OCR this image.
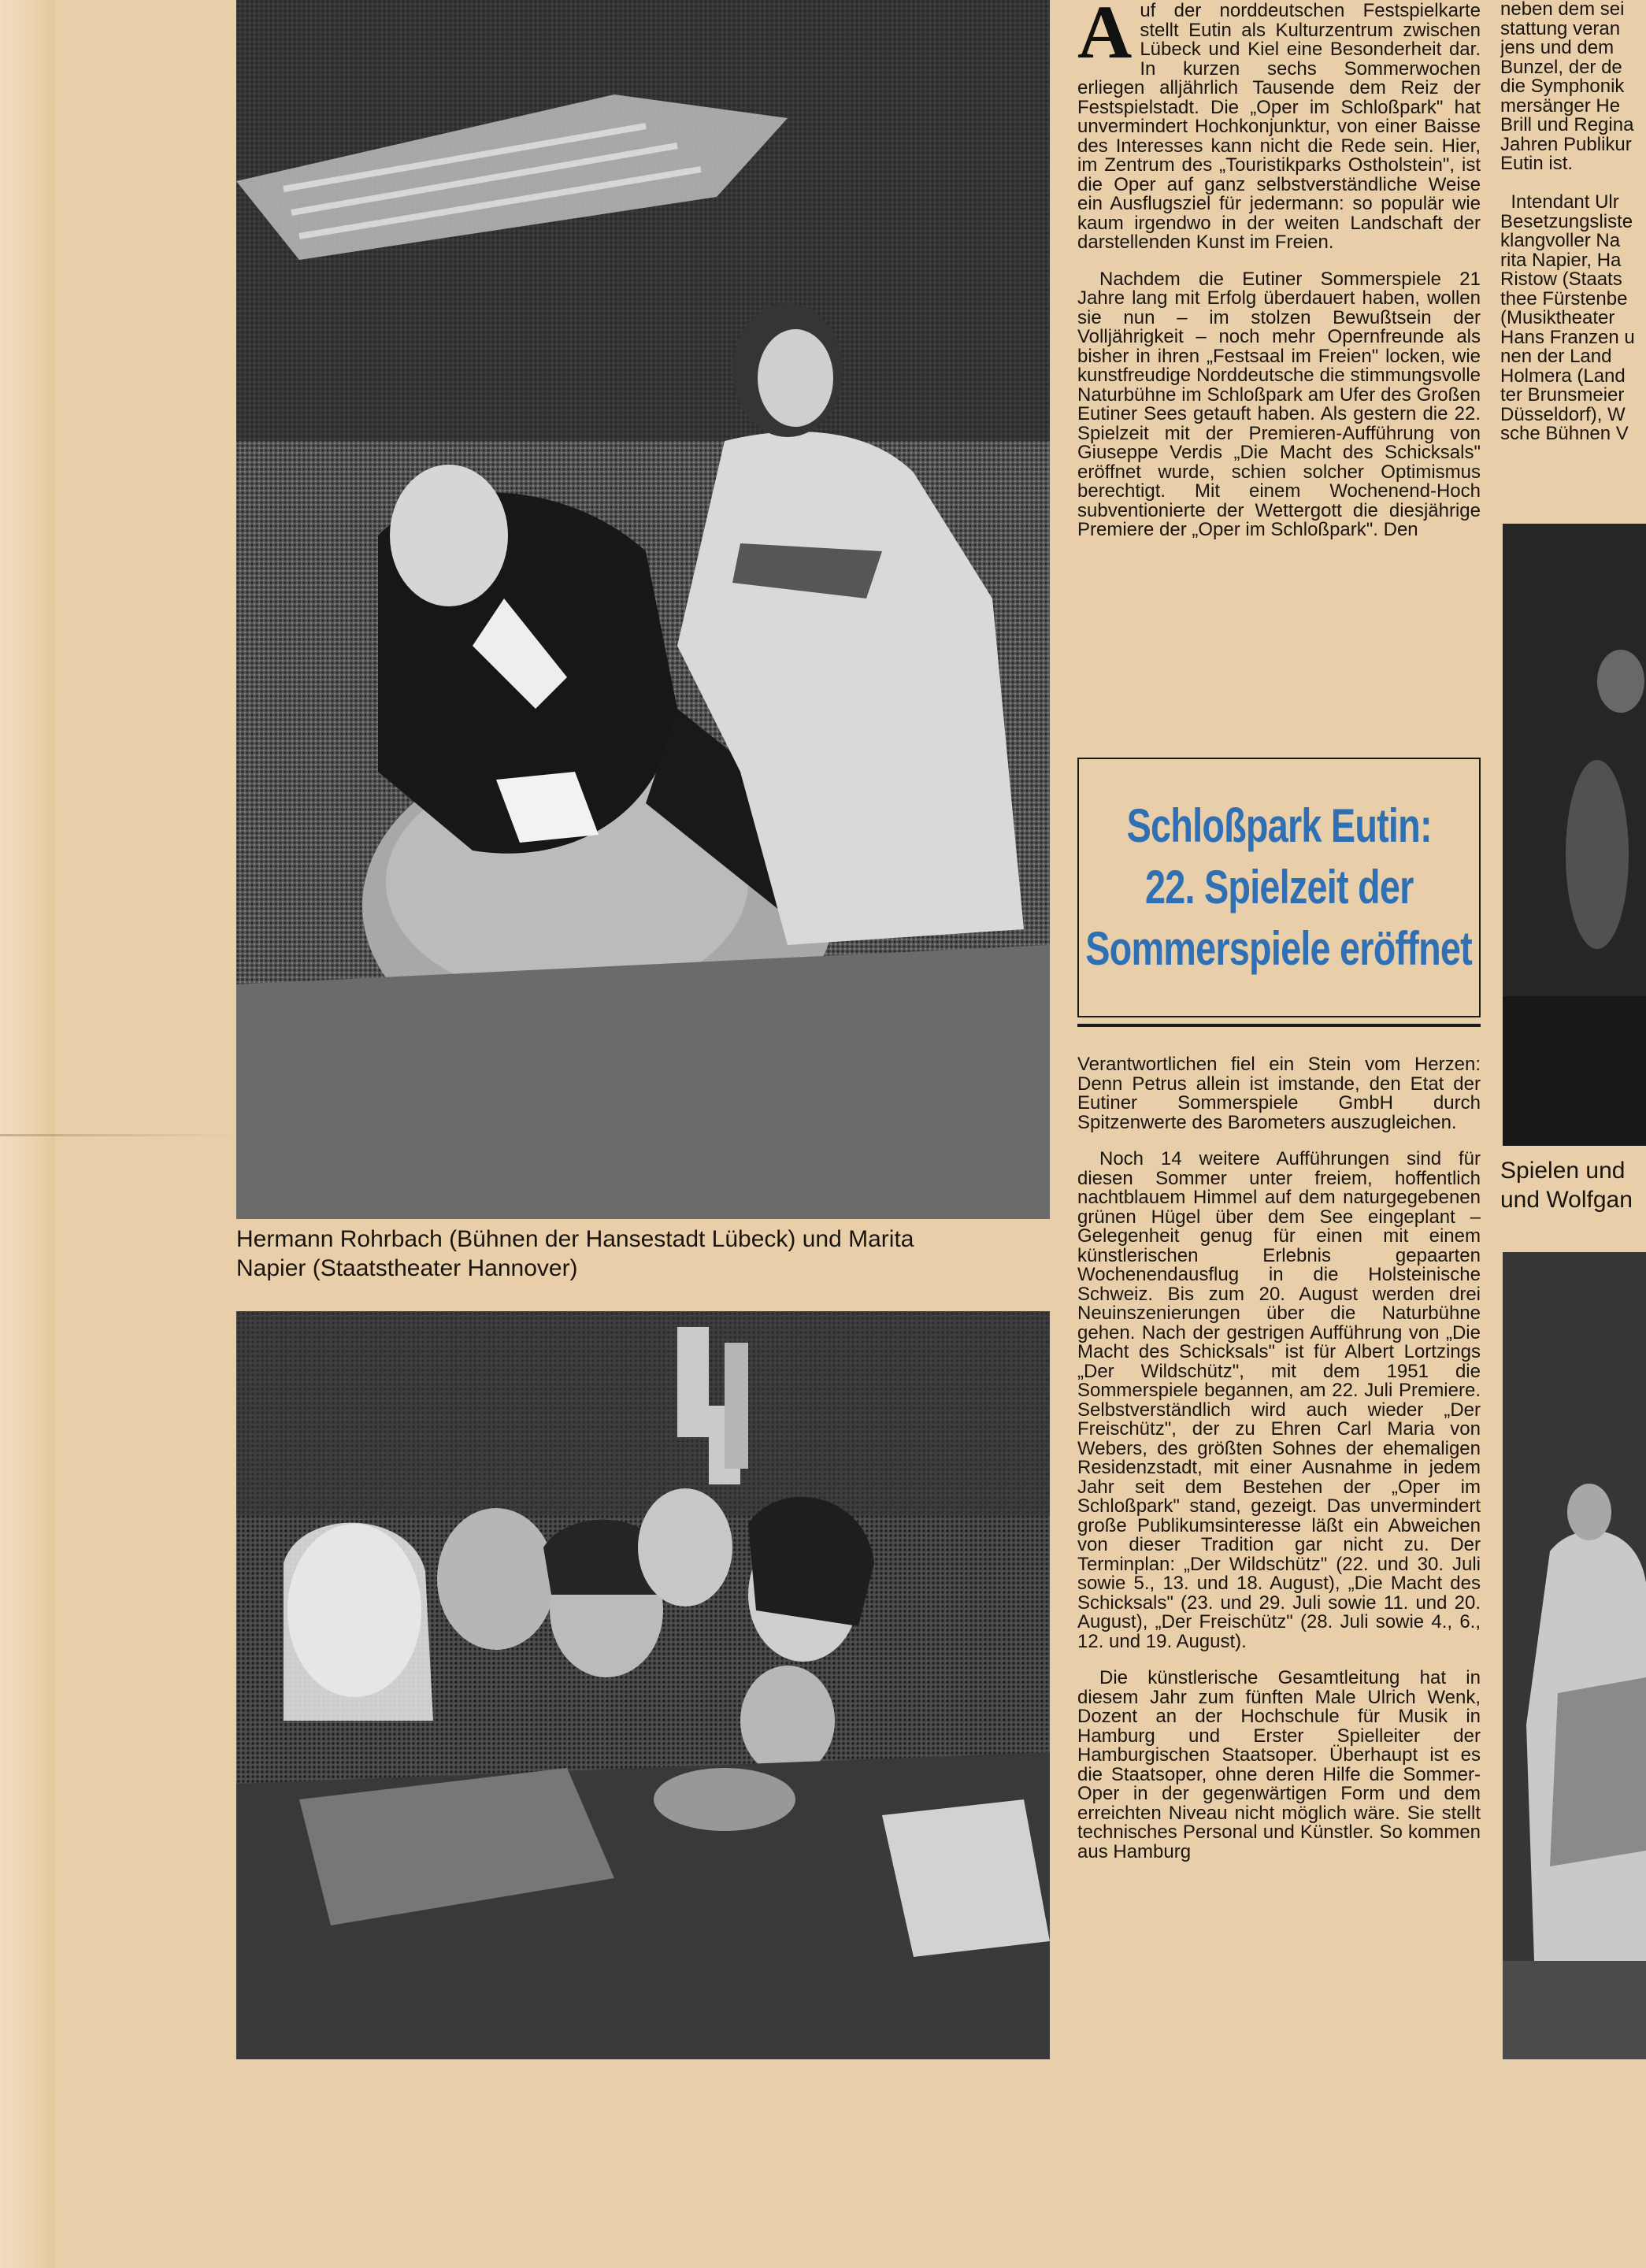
Hermann Rohrbach (Bühnen der Hansestadt Lübeck) und Marita
Napier (Staatstheater Hannover)

Auf der norddeutschen Festspielkarte stellt Eutin als Kulturzentrum zwischen Lübeck und Kiel eine Besonderheit dar. In kurzen sechs Sommerwochen erliegen alljährlich Tausende dem Reiz der Festspielstadt. Die „Oper im Schloßpark" hat unvermindert Hochkonjunktur, von einer Baisse des Interesses kann nicht die Rede sein. Hier, im Zentrum des „Touristikparks Ostholstein", ist die Oper auf ganz selbstverständliche Weise ein Ausflugsziel für jedermann: so populär wie kaum irgendwo in der weiten Landschaft der darstellenden Kunst im Freien.

Nachdem die Eutiner Sommerspiele 21 Jahre lang mit Erfolg überdauert haben, wollen sie nun – im stolzen Bewußtsein der Volljährigkeit – noch mehr Opernfreunde als bisher in ihren „Festsaal im Freien" locken, wie kunstfreudige Norddeutsche die stimmungsvolle Naturbühne im Schloßpark am Ufer des Großen Eutiner Sees getauft haben. Als gestern die 22. Spielzeit mit der Premieren-Aufführung von Giuseppe Verdis „Die Macht des Schicksals" eröffnet wurde, schien solcher Optimismus berechtigt. Mit einem Wochenend-Hoch subventionierte der Wettergott die diesjährige Premiere der „Oper im Schloßpark". Den

Schloßpark Eutin:
22. Spielzeit der
Sommerspiele eröffnet

Verantwortlichen fiel ein Stein vom Herzen: Denn Petrus allein ist imstande, den Etat der Eutiner Sommerspiele GmbH durch Spitzenwerte des Barometers auszugleichen.

Noch 14 weitere Aufführungen sind für diesen Sommer unter freiem, hoffentlich nachtblauem Himmel auf dem naturgegebenen grünen Hügel über dem See eingeplant – Gelegenheit genug für einen mit einem künstlerischen Erlebnis gepaarten Wochenendausflug in die Holsteinische Schweiz. Bis zum 20. August werden drei Neuinszenierungen über die Naturbühne gehen. Nach der gestrigen Aufführung von „Die Macht des Schicksals" ist für Albert Lortzings „Der Wildschütz", mit dem 1951 die Sommerspiele begannen, am 22. Juli Premiere. Selbstverständlich wird auch wieder „Der Freischütz", der zu Ehren Carl Maria von Webers, des größten Sohnes der ehemaligen Residenzstadt, mit einer Ausnahme in jedem Jahr seit dem Bestehen der „Oper im Schloßpark" stand, gezeigt. Das unvermindert große Publikumsinteresse läßt ein Abweichen von dieser Tradition gar nicht zu. Der Terminplan: „Der Wildschütz" (22. und 30. Juli sowie 5., 13. und 18. August), „Die Macht des Schicksals" (23. und 29. Juli sowie 11. und 20. August), „Der Freischütz" (28. Juli sowie 4., 6., 12. und 19. August).

Die künstlerische Gesamtleitung hat in diesem Jahr zum fünften Male Ulrich Wenk, Dozent an der Hochschule für Musik in Hamburg und Erster Spielleiter der Hamburgischen Staatsoper. Überhaupt ist es die Staatsoper, ohne deren Hilfe die Sommer-Oper in der gegenwärtigen Form und dem erreichten Niveau nicht möglich wäre. Sie stellt technisches Personal und Künstler. So kommen aus Hamburg

neben dem sei
stattung veran
jens und dem
Bunzel, der de
die Symphonik
mersänger He
Brill und Regina
Jahren Publikur
Eutin ist.

Intendant Ulr
Besetzungsliste
klangvoller Na
rita Napier, Ha
Ristow (Staats
thee Fürstenbe
(Musiktheater
Hans Franzen u
nen der Land
Holmera (Land
ter Brunsmeier
Düsseldorf), W
sche Bühnen V
Spielen und
und Wolfgan
